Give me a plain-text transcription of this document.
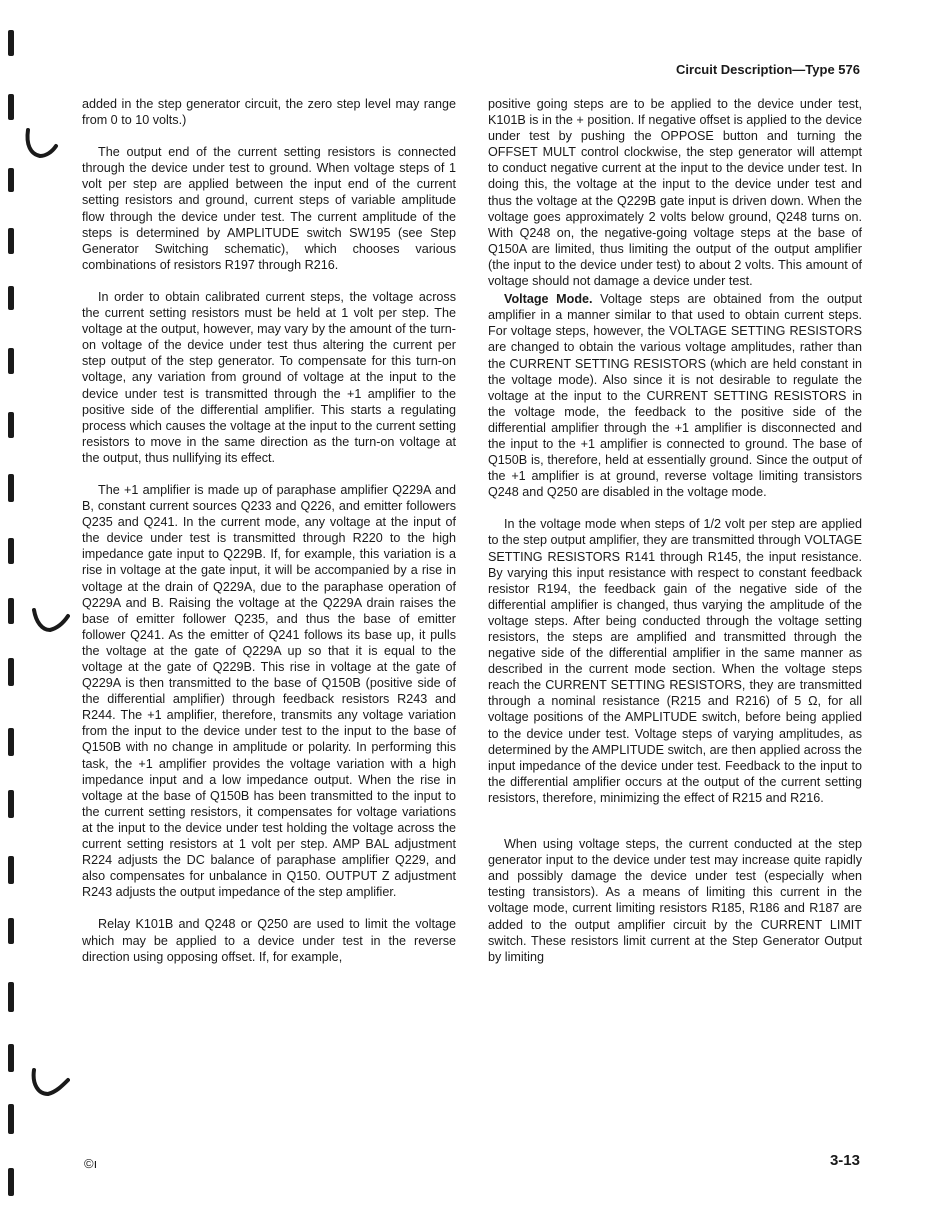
Circuit Description—Type 576

added in the step generator circuit, the zero step level may range from 0 to 10 volts.)

The output end of the current setting resistors is connected through the device under test to ground. When voltage steps of 1 volt per step are applied between the input end of the current setting resistors and ground, current steps of variable amplitude flow through the device under test. The current amplitude of the steps is determined by AMPLITUDE switch SW195 (see Step Generator Switching schematic), which chooses various combinations of resistors R197 through R216.

In order to obtain calibrated current steps, the voltage across the current setting resistors must be held at 1 volt per step. The voltage at the output, however, may vary by the amount of the turn-on voltage of the device under test thus altering the current per step output of the step generator. To compensate for this turn-on voltage, any variation from ground of voltage at the input to the device under test is transmitted through the +1 amplifier to the positive side of the differential amplifier. This starts a regulating process which causes the voltage at the input to the current setting resistors to move in the same direction as the turn-on voltage at the output, thus nullifying its effect.

The +1 amplifier is made up of paraphase amplifier Q229A and B, constant current sources Q233 and Q226, and emitter followers Q235 and Q241. In the current mode, any voltage at the input of the device under test is transmitted through R220 to the high impedance gate input to Q229B. If, for example, this variation is a rise in voltage at the gate input, it will be accompanied by a rise in voltage at the drain of Q229A, due to the paraphase operation of Q229A and B. Raising the voltage at the Q229A drain raises the base of emitter follower Q235, and thus the base of emitter follower Q241. As the emitter of Q241 follows its base up, it pulls the voltage at the gate of Q229A up so that it is equal to the voltage at the gate of Q229B. This rise in voltage at the gate of Q229A is then transmitted to the base of Q150B (positive side of the differential amplifier) through feedback resistors R243 and R244. The +1 amplifier, therefore, transmits any voltage variation from the input to the device under test to the input to the base of Q150B with no change in amplitude or polarity. In performing this task, the +1 amplifier provides the voltage variation with a high impedance input and a low impedance output. When the rise in voltage at the base of Q150B has been transmitted to the input to the current setting resistors, it compensates for voltage variations at the input to the device under test holding the voltage across the current setting resistors at 1 volt per step. AMP BAL adjustment R224 adjusts the DC balance of paraphase amplifier Q229, and also compensates for unbalance in Q150. OUTPUT Z adjustment R243 adjusts the output impedance of the step amplifier.

Relay K101B and Q248 or Q250 are used to limit the voltage which may be applied to a device under test in the reverse direction using opposing offset. If, for example,

positive going steps are to be applied to the device under test, K101B is in the + position. If negative offset is applied to the device under test by pushing the OPPOSE button and turning the OFFSET MULT control clockwise, the step generator will attempt to conduct negative current at the input to the device under test. In doing this, the voltage at the input to the device under test and thus the voltage at the Q229B gate input is driven down. When the voltage goes approximately 2 volts below ground, Q248 turns on. With Q248 on, the negative-going voltage steps at the base of Q150A are limited, thus limiting the output of the output amplifier (the input to the device under test) to about 2 volts. This amount of voltage should not damage a device under test.

Voltage Mode. Voltage steps are obtained from the output amplifier in a manner similar to that used to obtain current steps. For voltage steps, however, the VOLTAGE SETTING RESISTORS are changed to obtain the various voltage amplitudes, rather than the CURRENT SETTING RESISTORS (which are held constant in the voltage mode). Also since it is not desirable to regulate the voltage at the input to the CURRENT SETTING RESISTORS in the voltage mode, the feedback to the positive side of the differential amplifier through the +1 amplifier is disconnected and the input to the +1 amplifier is connected to ground. The base of Q150B is, therefore, held at essentially ground. Since the output of the +1 amplifier is at ground, reverse voltage limiting transistors Q248 and Q250 are disabled in the voltage mode.

In the voltage mode when steps of 1/2 volt per step are applied to the step output amplifier, they are transmitted through VOLTAGE SETTING RESISTORS R141 through R145, the input resistance. By varying this input resistance with respect to constant feedback resistor R194, the feedback gain of the negative side of the differential amplifier is changed, thus varying the amplitude of the voltage steps. After being conducted through the voltage setting resistors, the steps are amplified and transmitted through the negative side of the differential amplifier in the same manner as described in the current mode section. When the voltage steps reach the CURRENT SETTING RESISTORS, they are transmitted through a nominal resistance (R215 and R216) of 5 Ω, for all voltage positions of the AMPLITUDE switch, before being applied to the device under test. Voltage steps of varying amplitudes, as determined by the AMPLITUDE switch, are then applied across the input impedance of the device under test. Feedback to the input to the differential amplifier occurs at the output of the current setting resistors, therefore, minimizing the effect of R215 and R216.

When using voltage steps, the current conducted at the step generator input to the device under test may increase quite rapidly and possibly damage the device under test (especially when testing transistors). As a means of limiting this current in the voltage mode, current limiting resistors R185, R186 and R187 are added to the output amplifier circuit by the CURRENT LIMIT switch. These resistors limit current at the Step Generator Output by limiting

©ı	3-13
